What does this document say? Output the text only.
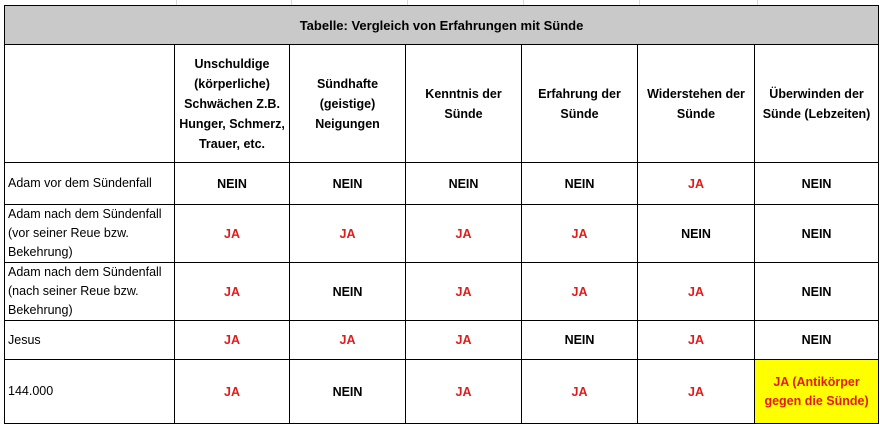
Tabelle: Vergleich von Erfahrungen mit Sünde						
	Unschuldige (körperliche) Schwächen Z.B. Hunger, Schmerz, Trauer, etc.	Sündhafte (geistige) Neigungen	Kenntnis der Sünde	Erfahrung der Sünde	Widerstehen der Sünde	Überwinden der Sünde (Lebzeiten)
Adam vor dem Sündenfall	NEIN	NEIN	NEIN	NEIN	JA	NEIN
Adam nach dem Sündenfall (vor seiner Reue bzw. Bekehrung)	JA	JA	JA	JA	NEIN	NEIN
Adam nach dem Sündenfall (nach seiner Reue bzw. Bekehrung)	JA	NEIN	JA	JA	JA	NEIN
Jesus	JA	JA	JA	NEIN	JA	NEIN
144.000	JA	NEIN	JA	JA	JA	JA (Antikörper gegen die Sünde)
